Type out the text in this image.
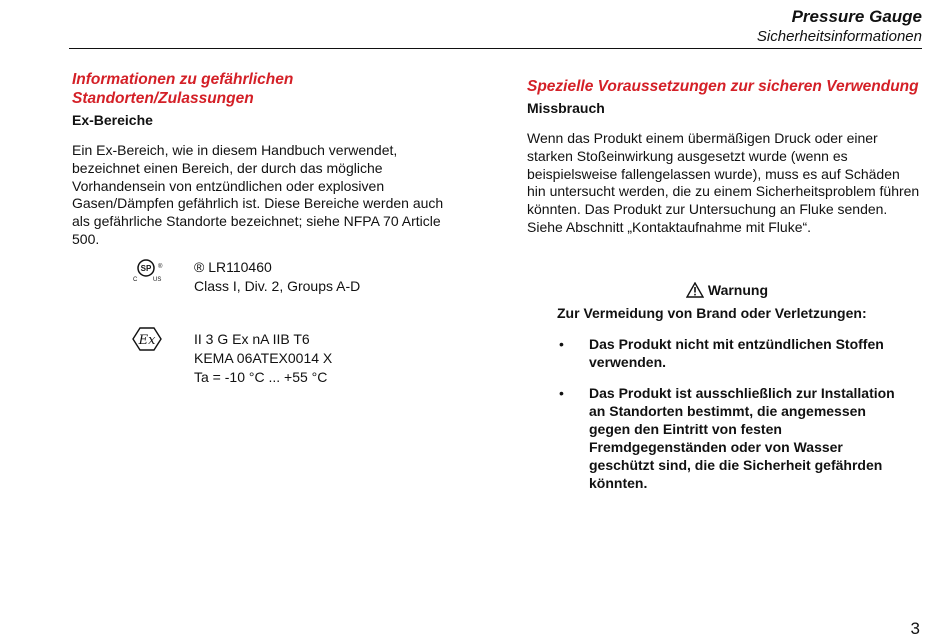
Pressure Gauge
Sicherheitsinformationen
Informationen zu gefährlichen Standorten/Zulassungen
Ex-Bereiche

Ein Ex-Bereich, wie in diesem Handbuch verwendet, bezeichnet einen Bereich, der durch das mögliche Vorhandensein von entzündlichen oder explosiven Gasen/Dämpfen gefährlich ist. Diese Bereiche werden auch als gefährliche Standorte bezeichnet; siehe NFPA 70 Article 500.

SP ®
C	US
® LR110460
Class I, Div. 2, Groups A-D
Ex	II 3 G Ex nA IIB T6
KEMA 06ATEX0014 X
Ta = -10 °C ... +55 °C
Spezielle Voraussetzungen zur sicheren Verwendung
Missbrauch

Wenn das Produkt einem übermäßigen Druck oder einer starken Stoßeinwirkung ausgesetzt wurde (wenn es beispielsweise fallengelassen wurde), muss es auf Schäden hin untersucht werden, die zu einem Sicherheitsproblem führen könnten. Das Produkt zur Untersuchung an Fluke senden. Siehe Abschnitt „Kontaktaufnahme mit Fluke“.

Warnung
Zur Vermeidung von Brand oder Verletzungen:
• Das Produkt nicht mit entzündlichen Stoffen verwenden.
• Das Produkt ist ausschließlich zur Installation an Standorten bestimmt, die angemessen gegen den Eintritt von festen Fremdgegenständen oder von Wasser geschützt sind, die die Sicherheit gefährden könnten.
3
